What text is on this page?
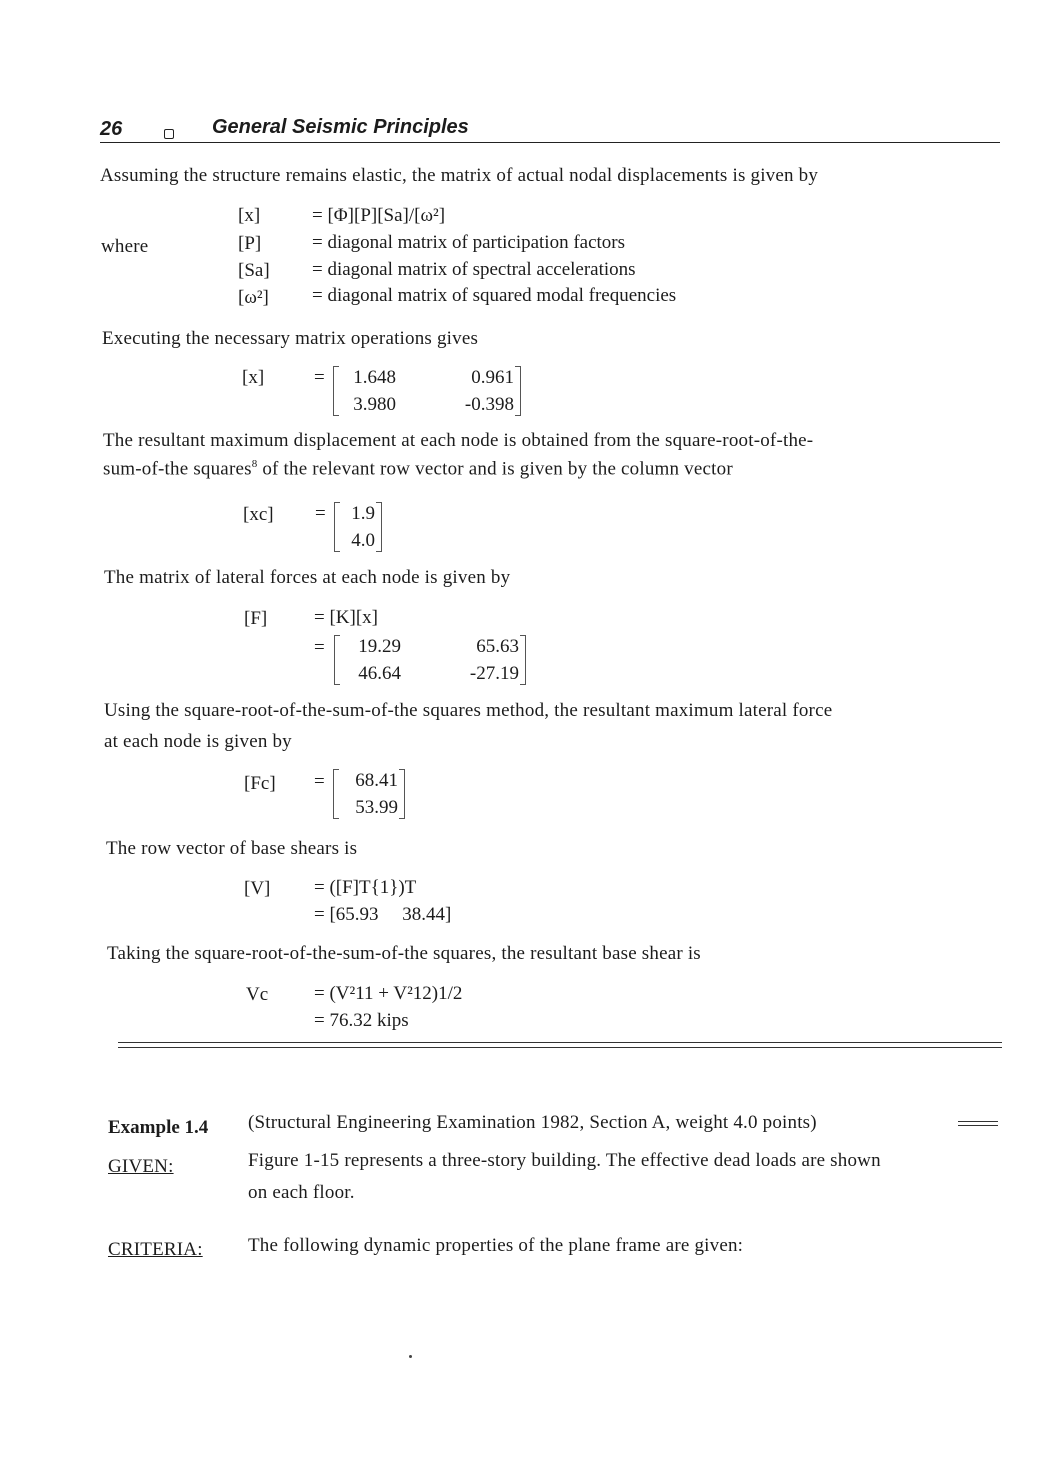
26	General Seismic Principles
Assuming the structure remains elastic, the matrix of actual nodal displacements is given by
[x]	= [Φ][P][Sa]/[ω²]
where	[P]	= diagonal matrix of participation factors
[Sa] = diagonal matrix of spectral accelerations
[ω²] = diagonal matrix of squared modal frequencies
Executing the necessary matrix operations gives
[x]	=	1.648	0.961
3.980	-0.398
The resultant maximum displacement at each node is obtained from the square-root-of-the-
sum-of-the squares$^8$ of the relevant row vector and is given by the column vector
[xc] =	1.9
4.0
The matrix of lateral forces at each node is given by
[F] = [K][x]
=	19.29	65.63
46.64	-27.19
Using the square-root-of-the-sum-of-the squares method, the resultant maximum lateral force
at each node is given by
[Fc] =	68.41
53.99
The row vector of base shears is
[V] = ([F]T{1})T
= [65.93     38.44]
Taking the square-root-of-the-sum-of-the squares, the resultant base shear is
Vc = (V²11 + V²12)1/2
= 76.32 kips
Example 1.4 (Structural Engineering Examination 1982, Section A, weight 4.0 points)
GIVEN:	Figure 1-15 represents a three-story building. The effective dead loads are shown
on each floor.
CRITERIA: The following dynamic properties of the plane frame are given:
